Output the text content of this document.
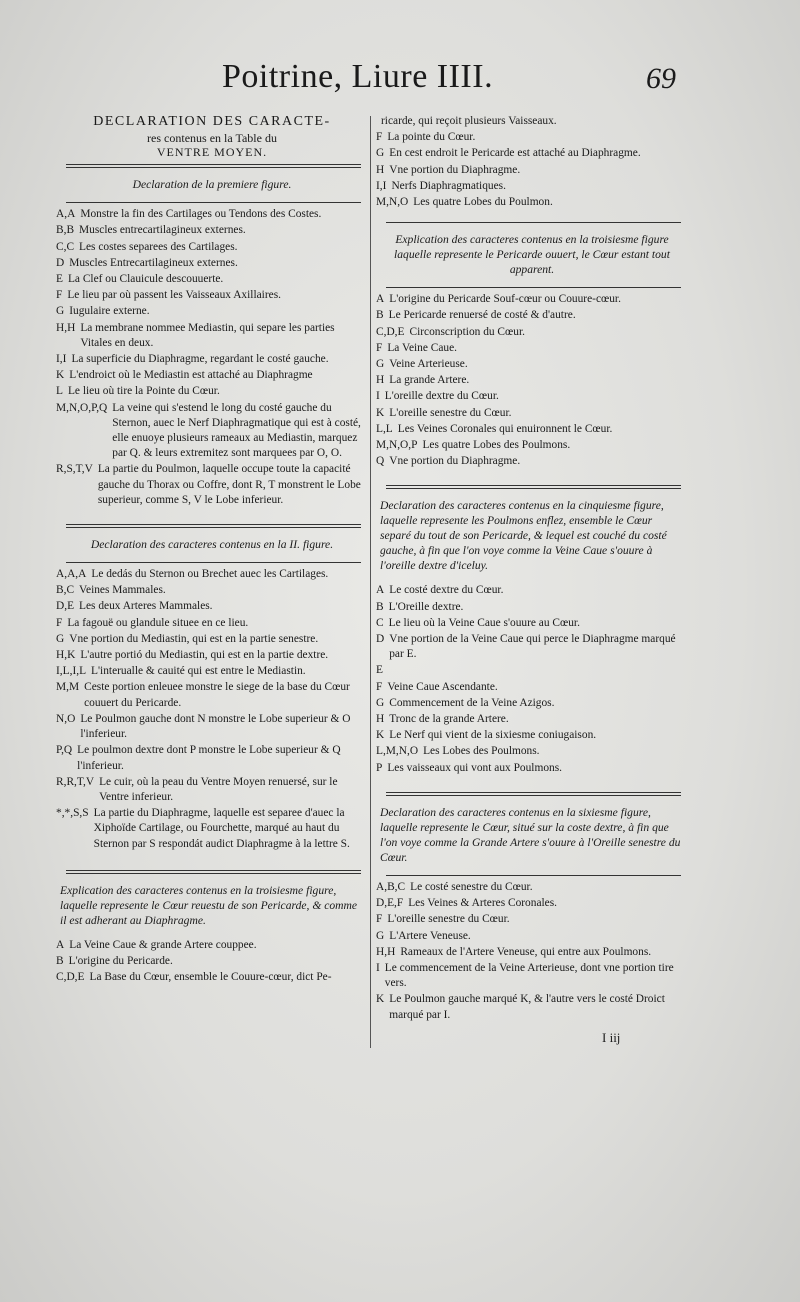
Poitrine, Liure IIII.	69
DECLARATION DES CARACTE-
res contenus en la Table du
VENTRE MOYEN.
Declaration de la premiere figure.
A,A Monstre la fin des Cartilages ou Tendons des Costes.
B,B Muscles entrecartilagineux externes.
C,C Les costes separees des Cartilages.
D Muscles Entrecartilagineux externes.
E La Clef ou Clauicule descouuerte.
F Le lieu par où passent les Vaisseaux Axillaires.
G Iugulaire externe.
H,H La membrane nommee Mediastin, qui separe les parties Vitales en deux.
I,I La superficie du Diaphragme, regardant le costé gauche.
K L'endroict où le Mediastin est attaché au Diaphragme
L Le lieu où tire la Pointe du Cœur.
M,N,O,P,Q La veine qui s'estend le long du costé gauche du Sternon, auec le Nerf Diaphragmatique qui est à costé, elle enuoye plusieurs rameaux au Mediastin, marquez par Q. & leurs extremitez sont marquees par O, O.
R,S,T,V La partie du Poulmon, laquelle occupe toute la capacité gauche du Thorax ou Coffre, dont R, T monstrent le Lobe superieur, comme S, V le Lobe inferieur.
Declaration des caracteres contenus en la II. figure.
A,A,A Le dedás du Sternon ou Brechet auec les Cartilages.
B,C Veines Mammales.
D,E Les deux Arteres Mammales.
F La fagouë ou glandule situee en ce lieu.
G Vne portion du Mediastin, qui est en la partie senestre.
H,K L'autre portió du Mediastin, qui est en la partie dextre.
I,L,I,L L'interualle & cauité qui est entre le Mediastin.
M,M Ceste portion enleuee monstre le siege de la base du Cœur couuert du Pericarde.
N,O Le Poulmon gauche dont N monstre le Lobe superieur & O l'inferieur.
P,Q Le poulmon dextre dont P monstre le Lobe superieur & Q l'inferieur.
R,R,T,V Le cuir, où la peau du Ventre Moyen renuersé, sur le Ventre inferieur.
*,*,S,S La partie du Diaphragme, laquelle est separee d'auec la Xiphoïde Cartilage, ou Fourchette, marqué au haut du Sternon par S respondát audict Diaphragme à la lettre S.
Explication des caracteres contenus en la troisiesme figure, laquelle represente le Cœur reuestu de son Pericarde, & comme il est adherant au Diaphragme.
A La Veine Caue & grande Artere couppee.
B L'origine du Pericarde.
C,D,E La Base du Cœur, ensemble le Couure-cœur, dict Pe-
ricarde, qui reçoit plusieurs Vaisseaux.
F La pointe du Cœur.
G En cest endroit le Pericarde est attaché au Diaphragme.
H Vne portion du Diaphragme.
I,I Nerfs Diaphragmatiques.
M,N,O Les quatre Lobes du Poulmon.
Explication des caracteres contenus en la troisiesme figure laquelle represente le Pericarde ouuert, le Cœur estant tout apparent.
A L'origine du Pericarde Souf-cœur ou Couure-cœur.
B Le Pericarde renuersé de costé & d'autre.
C,D,E Circonscription du Cœur.
F La Veine Caue.
G Veine Arterieuse.
H La grande Artere.
I L'oreille dextre du Cœur.
K L'oreille senestre du Cœur.
L,L Les Veines Coronales qui enuironnent le Cœur.
M,N,O,P Les quatre Lobes des Poulmons.
Q Vne portion du Diaphragme.
Declaration des caracteres contenus en la cinquiesme figure, laquelle represente les Poulmons enflez, ensemble le Cœur separé du tout de son Pericarde, & lequel est couché du costé gauche, à fin que l'on voye comme la Veine Caue s'ouure à l'oreille dextre d'iceluy.
A Le costé dextre du Cœur.
B L'Oreille dextre.
C Le lieu où la Veine Caue s'ouure au Cœur.
D Vne portion de la Veine Caue qui perce le Diaphragme marqué par E.
E
F Veine Caue Ascendante.
G Commencement de la Veine Azigos.
H Tronc de la grande Artere.
K Le Nerf qui vient de la sixiesme coniugaison.
L,M,N,O Les Lobes des Poulmons.
P Les vaisseaux qui vont aux Poulmons.
Declaration des caracteres contenus en la sixiesme figure, laquelle represente le Cœur, situé sur la coste dextre, à fin que l'on voye comme la Grande Artere s'ouure à l'Oreille senestre du Cœur.
A,B,C Le costé senestre du Cœur.
D,E,F Les Veines & Arteres Coronales.
F L'oreille senestre du Cœur.
G L'Artere Veneuse.
H,H Rameaux de l'Artere Veneuse, qui entre aux Poulmons.
I Le commencement de la Veine Arterieuse, dont vne portion tire vers.
K Le Poulmon gauche marqué K, & l'autre vers le costé Droict marqué par I.
I iij
